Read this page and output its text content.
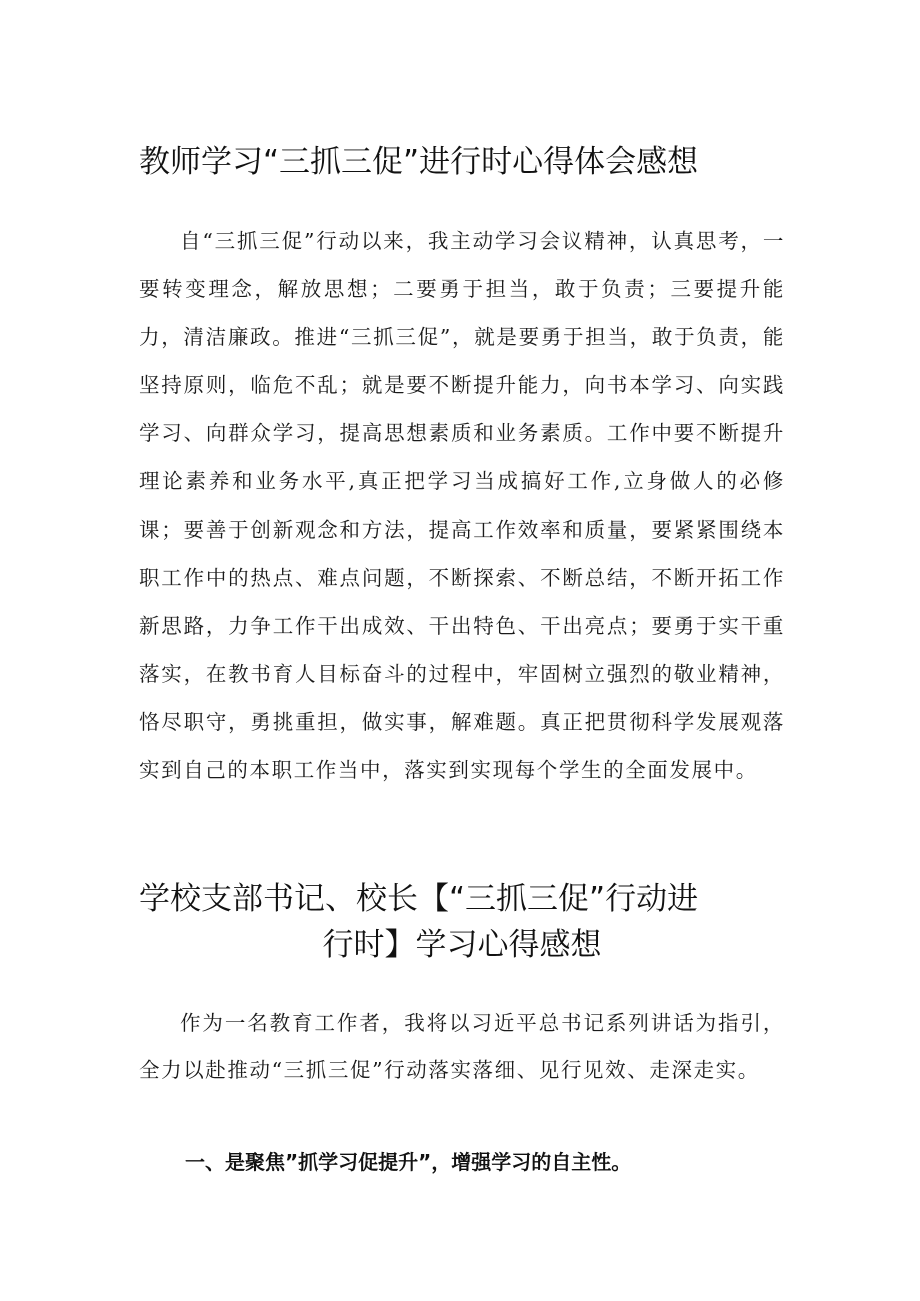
教师学习“三抓三促”进行时心得体会感想

自“三抓三促”行动以来，我主动学习会议精神，认真思考，一要转变理念，解放思想；二要勇于担当，敢于负责；三要提升能力，清洁廉政。推进“三抓三促”，就是要勇于担当，敢于负责，能坚持原则，临危不乱；就是要不断提升能力，向书本学习、向实践学习、向群众学习，提高思想素质和业务素质。工作中要不断提升理论素养和业务水平,真正把学习当成搞好工作,立身做人的必修课；要善于创新观念和方法，提高工作效率和质量，要紧紧围绕本职工作中的热点、难点问题，不断探索、不断总结，不断开拓工作新思路，力争工作干出成效、干出特色、干出亮点；要勇于实干重落实，在教书育人目标奋斗的过程中，牢固树立强烈的敬业精神，恪尽职守，勇挑重担，做实事，解难题。真正把贯彻科学发展观落实到自己的本职工作当中，落实到实现每个学生的全面发展中。

学校支部书记、校长【“三抓三促”行动进
行时】学习心得感想

作为一名教育工作者，我将以习近平总书记系列讲话为指引，全力以赴推动“三抓三促”行动落实落细、见行见效、走深走实。

一、是聚焦”抓学习促提升”，增强学习的自主性。
